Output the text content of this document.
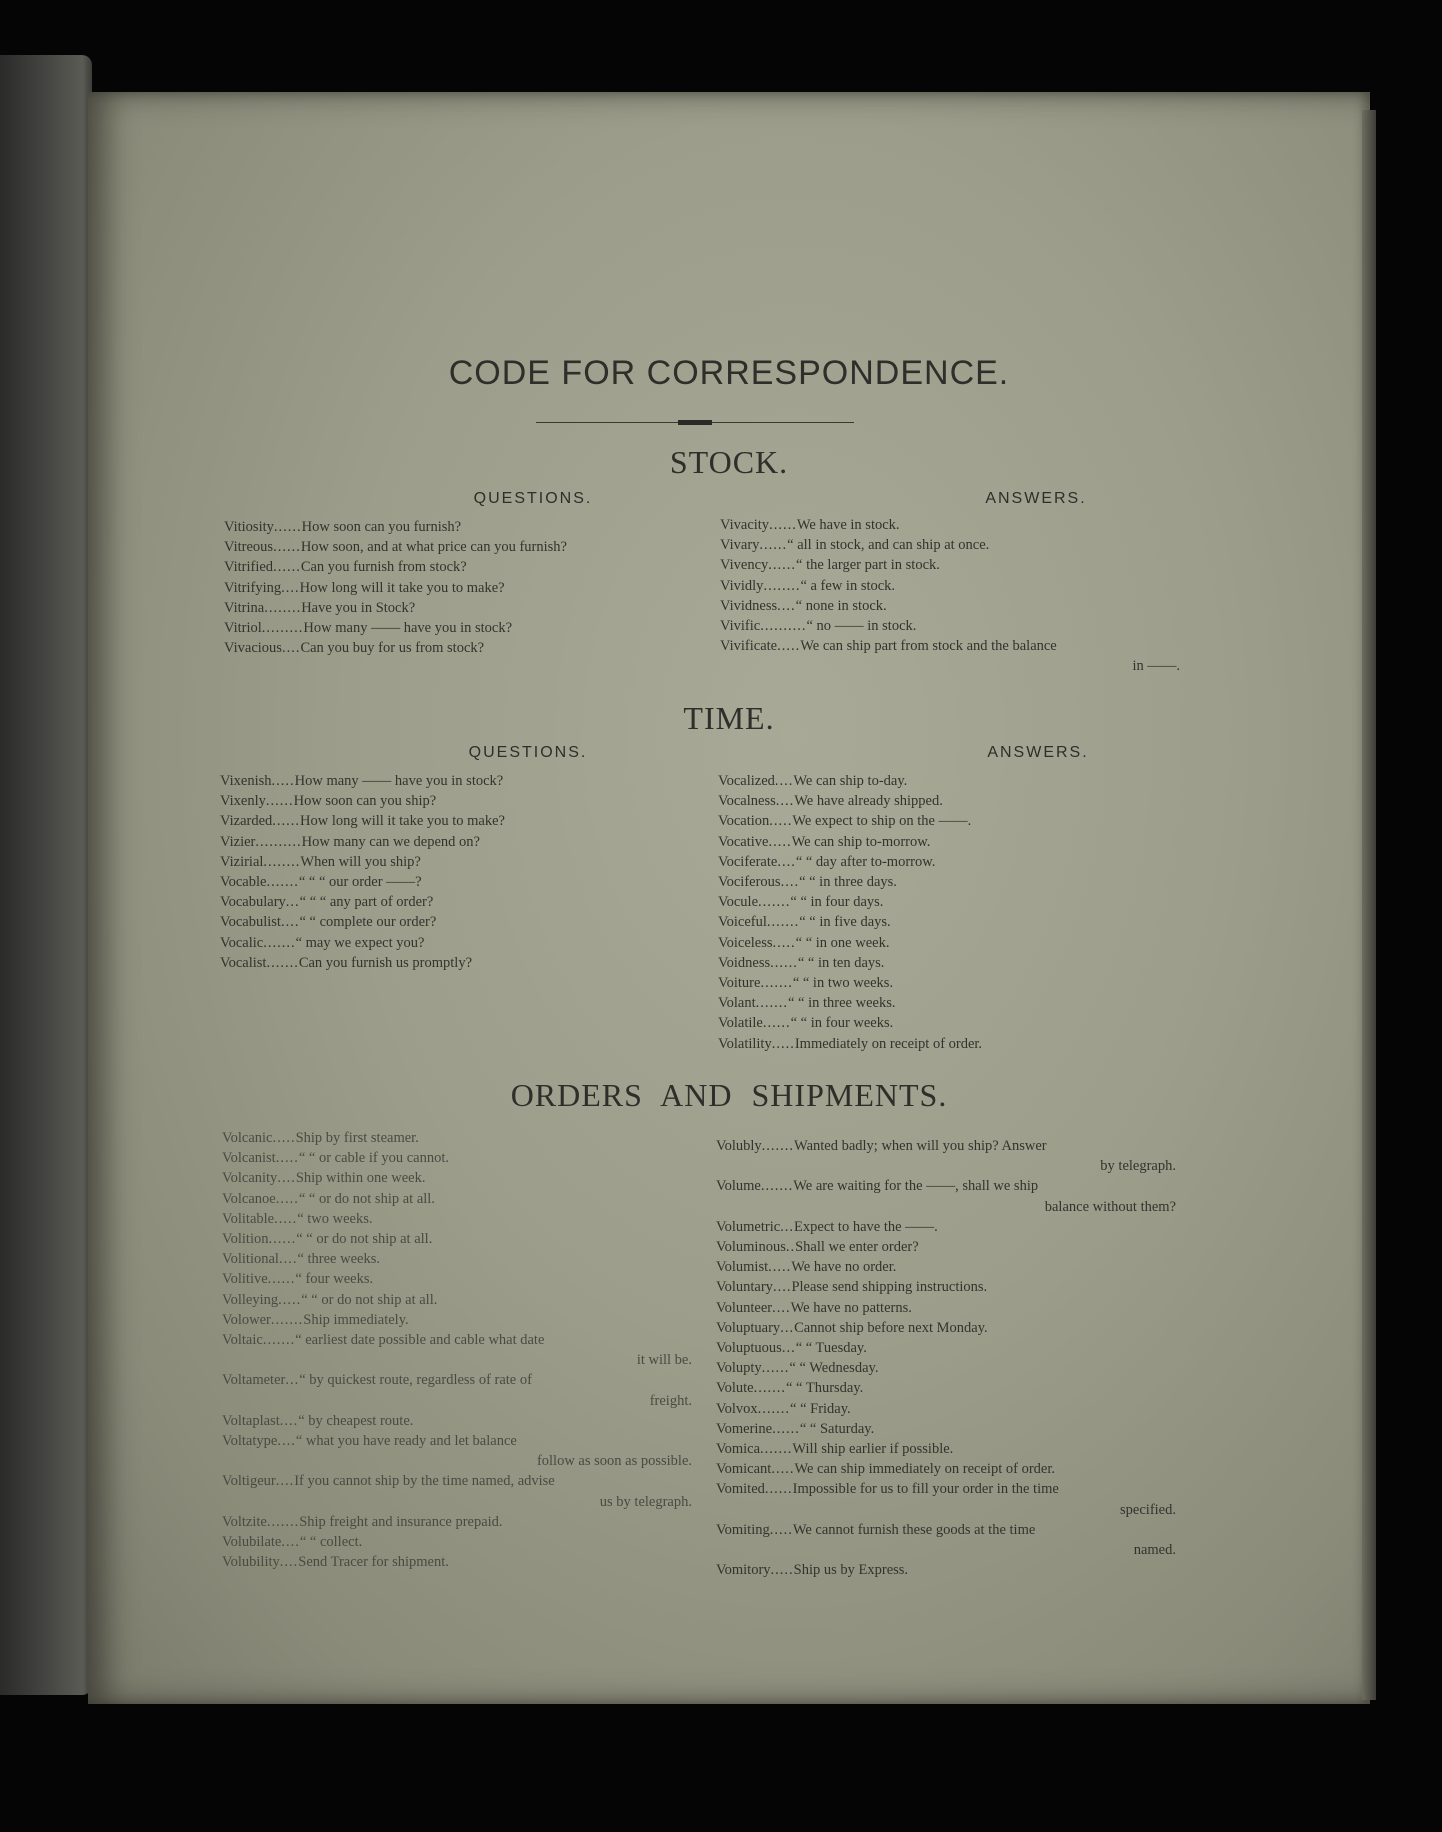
CODE FOR CORRESPONDENCE.
STOCK.
QUESTIONS.	ANSWERS.
Vitiosity......How soon can you furnish?
Vitreous......How soon, and at what price can you furnish?
Vitrified......Can you furnish from stock?
Vitrifying....How long will it take you to make?
Vitrina........Have you in Stock?
Vitriol.........How many —— have you in stock?
Vivacious....Can you buy for us from stock?
Vivacity......We have in stock.
Vivary......“ all in stock, and can ship at once.
Vivency......“ the larger part in stock.
Vividly........“ a few in stock.
Vividness....“ none in stock.
Vivific..........“ no —— in stock.
Vivificate.....We can ship part from stock and the balance
in ——.
TIME.
QUESTIONS.	ANSWERS.
Vixenish.....How many —— have you in stock?
Vixenly......How soon can you ship?
Vizarded......How long will it take you to make?
Vizier..........How many can we depend on?
Vizirial........When will you ship?
Vocable.......“ “ “ our order ——?
Vocabulary...“ “ “ any part of order?
Vocabulist....“ “ complete our order?
Vocalic.......“ may we expect you?
Vocalist.......Can you furnish us promptly?
Vocalized....We can ship to-day.
Vocalness....We have already shipped.
Vocation.....We expect to ship on the ——.
Vocative.....We can ship to-morrow.
Vociferate....“ “ day after to-morrow.
Vociferous....“ “ in three days.
Vocule.......“ “ in four days.
Voiceful.......“ “ in five days.
Voiceless.....“ “ in one week.
Voidness......“ “ in ten days.
Voiture.......“ “ in two weeks.
Volant.......“ “ in three weeks.
Volatile......“ “ in four weeks.
Volatility.....Immediately on receipt of order.
ORDERS AND SHIPMENTS.
Volcanic.....Ship by first steamer.
Volcanist.....“ “ or cable if you cannot.
Volcanity....Ship within one week.
Volcanoe.....“ “ or do not ship at all.
Volitable.....“ two weeks.
Volition......“ “ or do not ship at all.
Volitional....“ three weeks.
Volitive......“ four weeks.
Volleying.....“ “ or do not ship at all.
Volower.......Ship immediately.
Voltaic.......“ earliest date possible and cable what date
it will be.
Voltameter...“ by quickest route, regardless of rate of
freight.
Voltaplast....“ by cheapest route.
Voltatype....“ what you have ready and let balance
follow as soon as possible.
Voltigeur....If you cannot ship by the time named, advise
us by telegraph.
Voltzite.......Ship freight and insurance prepaid.
Volubilate....“ “ collect.
Volubility....Send Tracer for shipment.
Volubly.......Wanted badly; when will you ship? Answer
by telegraph.
Volume.......We are waiting for the ——, shall we ship
balance without them?
Volumetric...Expect to have the ——.
Voluminous..Shall we enter order?
Volumist.....We have no order.
Voluntary....Please send shipping instructions.
Volunteer....We have no patterns.
Voluptuary...Cannot ship before next Monday.
Voluptuous...“ “ Tuesday.
Volupty......“ “ Wednesday.
Volute.......“ “ Thursday.
Volvox.......“ “ Friday.
Vomerine......“ “ Saturday.
Vomica.......Will ship earlier if possible.
Vomicant.....We can ship immediately on receipt of order.
Vomited......Impossible for us to fill your order in the time
specified.
Vomiting.....We cannot furnish these goods at the time
named.
Vomitory.....Ship us by Express.
